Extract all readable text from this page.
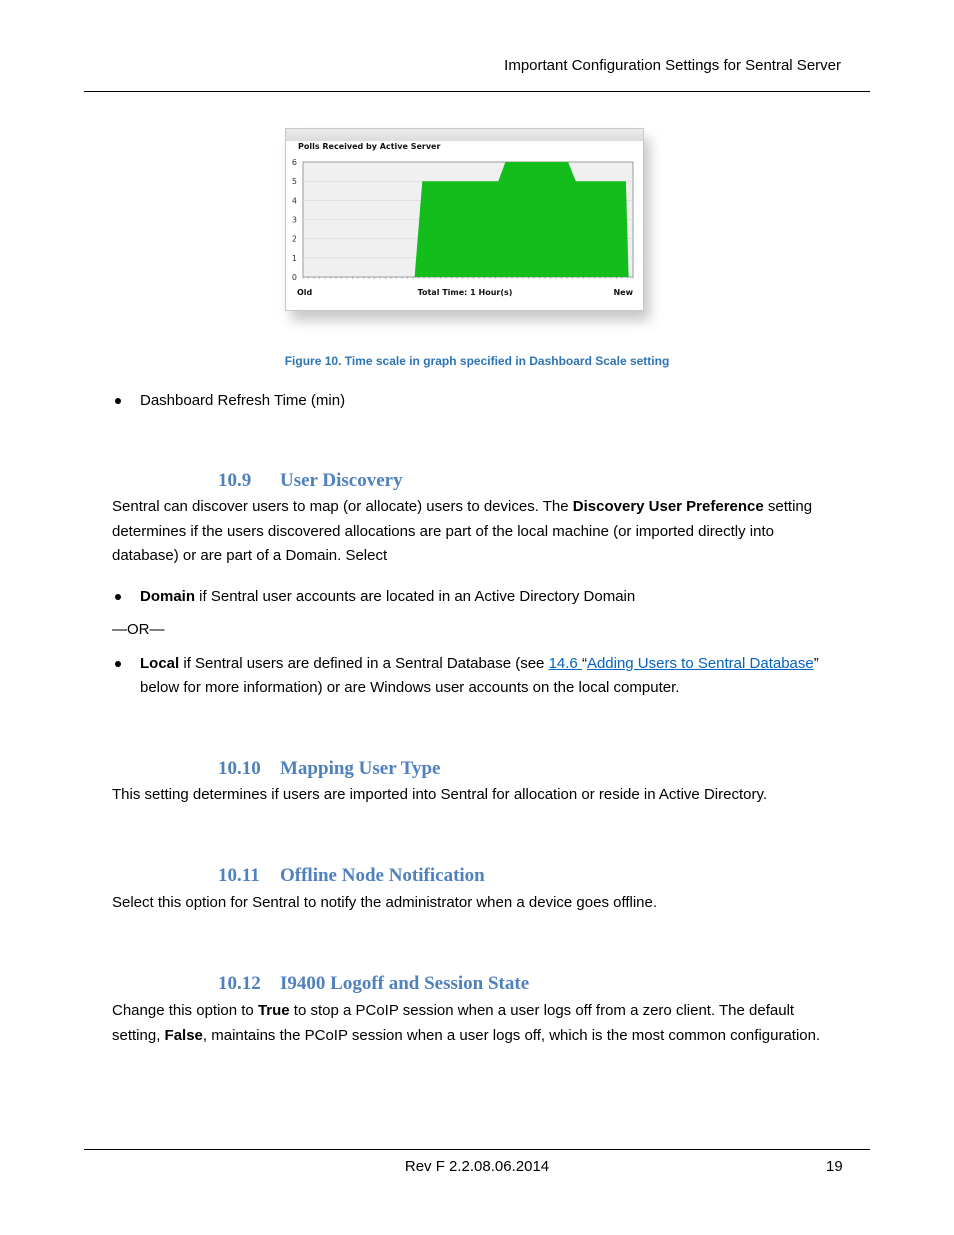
Important Configuration Settings for Sentral Server
Polls Received by Active Server
0
1
2
3
4
5
6
Old	Total Time: 1 Hour(s)	New
Figure 10. Time scale in graph specified in Dashboard Scale setting
Dashboard Refresh Time (min)
10.9 User Discovery
Sentral can discover users to map (or allocate) users to devices. The Discovery User Preference setting
determines if the users discovered allocations are part of the local machine (or imported directly into
database) or are part of a Domain. Select
Domain if Sentral user accounts are located in an Active Directory Domain
—OR—
Local if Sentral users are defined in a Sentral Database (see 14.6 “Adding Users to Sentral Database”
below for more information) or are Windows user accounts on the local computer.
10.10 Mapping User Type
This setting determines if users are imported into Sentral for allocation or reside in Active Directory.
10.11 Offline Node Notification
Select this option for Sentral to notify the administrator when a device goes offline.
10.12 I9400 Logoff and Session State
Change this option to True to stop a PCoIP session when a user logs off from a zero client. The default
setting, False, maintains the PCoIP session when a user logs off, which is the most common configuration.
Rev F 2.2.08.06.2014	19
